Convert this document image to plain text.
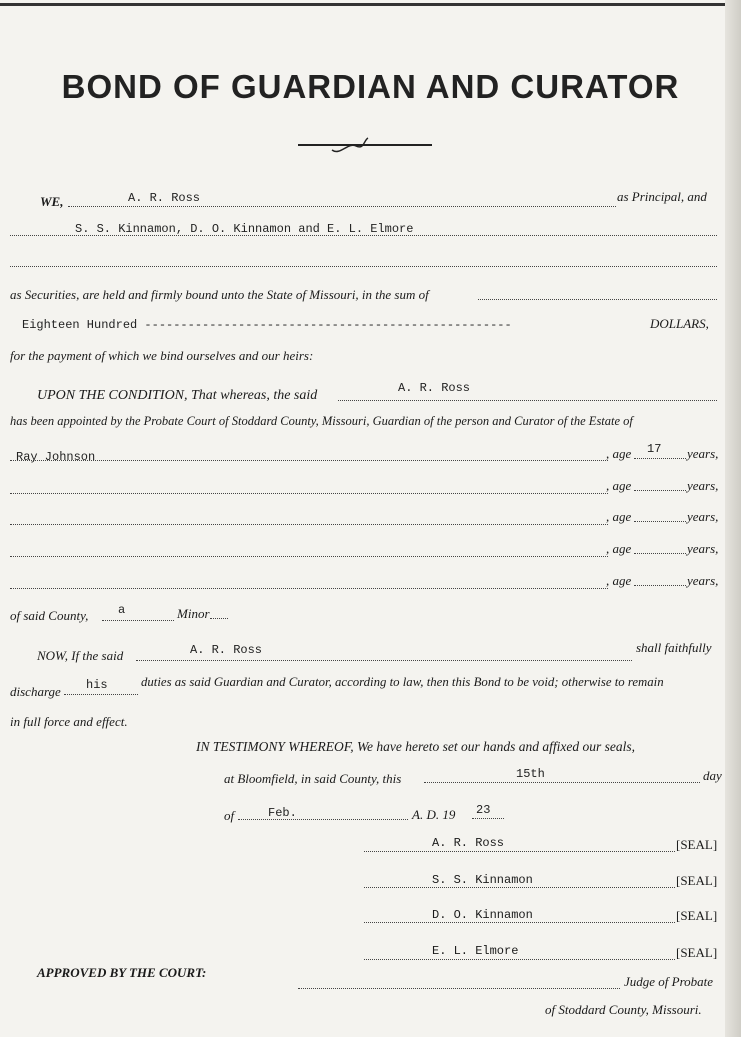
BOND OF GUARDIAN AND CURATOR
WE,	A. R. Ross	as Principal, and
S. S. Kinnamon, D. O. Kinnamon and E. L. Elmore
as Securities, are held and firmly bound unto the State of Missouri, in the sum of
Eighteen Hundred ---------------------------------------------------	DOLLARS,
for the payment of which we bind ourselves and our heirs:
UPON THE CONDITION, That whereas, the said	A. R. Ross
has been appointed by the Probate Court of Stoddard County, Missouri, Guardian of the person and Curator of the Estate of
Ray Johnson	, age 17 years,
, age	years,
, age	years,
, age	years,
, age	years,
of said County, a	Minor
NOW, If the said	A. R. Ross	shall faithfully
discharge his	duties as said Guardian and Curator, according to law, then this Bond to be void; otherwise to remain
in full force and effect.
IN TESTIMONY WHEREOF, We have hereto set our hands and affixed our seals,
at Bloomfield, in said County, this	15th	day
of	Feb.	A. D. 19 23
A. R. Ross	[SEAL]
S. S. Kinnamon	[SEAL]
D. O. Kinnamon	[SEAL]
E. L. Elmore	[SEAL]
APPROVED BY THE COURT:
Judge of Probate
of Stoddard County, Missouri.
